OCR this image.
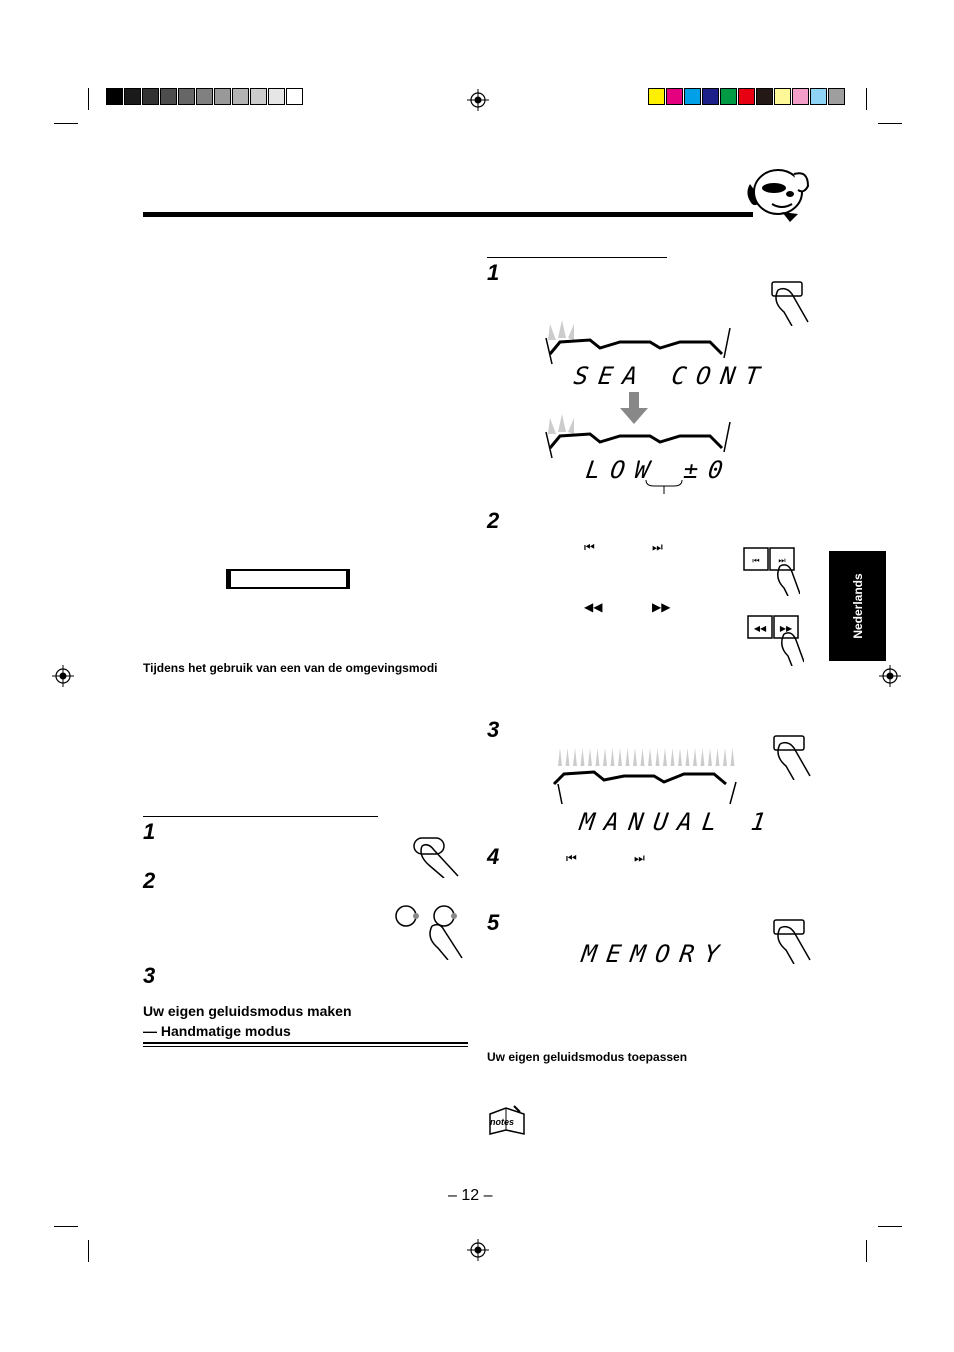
Nederlands
Tijdens het gebruik van een van de omgevingsmodi
1
2
3
Uw eigen geluidsmodus maken
— Handmatige modus
1
2
3
4
5
SEA CONT
LOW ±0
⏮	⏭
◀◀	▶▶
⏮ ⏭
◀◀ ▶▶
MANUAL 1
⏮	⏭
MEMORY
Uw eigen geluidsmodus toepassen
notes
– 12 –
